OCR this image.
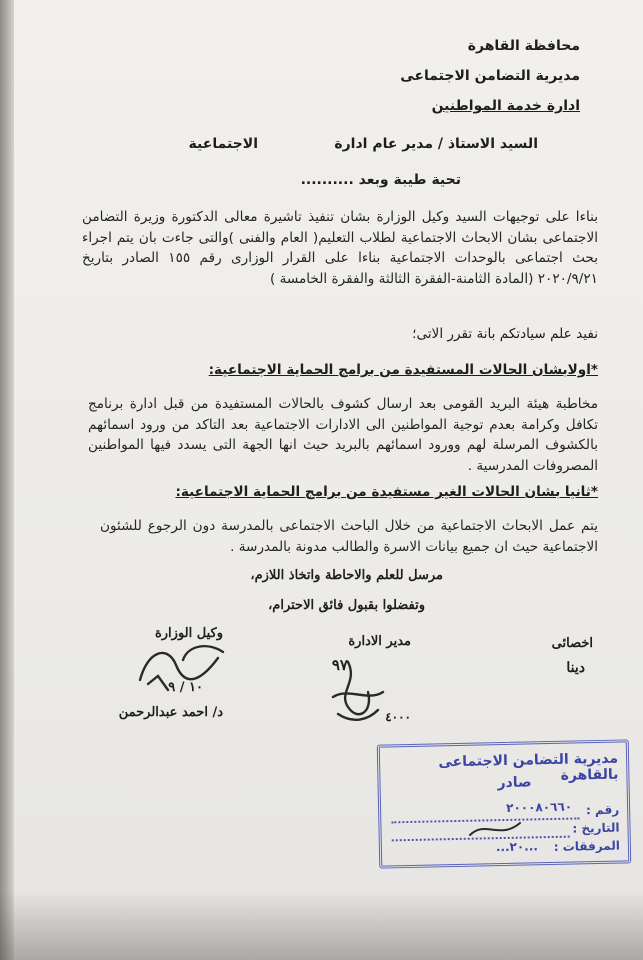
محافظة القاهرة
مديرية التضامن الاجتماعى
ادارة خدمة المواطنين
السيد الاستاذ / مدير عام ادارة
الاجتماعية
تحية طيبة وبعد ..........
بناءا على توجيهات السيد وكيل الوزارة بشان تنفيذ تاشيرة معالى الدكتورة وزيرة التضامن الاجتماعى بشان الابحاث الاجتماعية لطلاب التعليم( العام والفنى )والتى جاءت بان يتم اجراء بحث اجتماعى بالوحدات الاجتماعية بناءا على القرار الوزارى رقم ١٥٥ الصادر بتاريخ ٢٠٢٠/٩/٢١ (المادة الثامنة-الفقرة الثالثة والفقرة الخامسة )
نفيد علم سيادتكم بانة تقرر الاتى؛
*اولابشان الحالات المستفيدة من برامج الحماية الاجتماعية:
مخاطبة هيئة البريد القومى بعد ارسال كشوف بالحالات المستفيدة من قبل ادارة برنامج تكافل وكرامة بعدم توجية المواطنين الى الادارات الاجتماعية بعد التاكد من ورود اسمائهم بالكشوف المرسلة لهم وورود اسمائهم بالبريد حيث انها الجهة التى يسدد فيها المواطنين المصروفات المدرسية .
*ثانيا بشان الحالات الغير مستفيدة من برامج الحماية الاجتماعية:
يتم عمل الابحاث الاجتماعية من خلال الباحث الاجتماعى بالمدرسة دون الرجوع للشئون الاجتماعية حيث ان جميع بيانات الاسرة والطالب مدونة بالمدرسة .
مرسل للعلم والاحاطة واتخاذ اللازم،
وتفضلوا بقبول فائق الاحترام،
وكيل الوزارة
مدير الادارة	اخصائى
١٠ / ٩
د/ احمد عبدالرحمن
٩٧
٤٠٠٠
دينا
مديرية التضامن الاجتماعى بالقاهرة
صادر
رقم :
٢٠٠٠٨٠٦٦٠
التاريخ :
المرفقات :
...٢٠...
